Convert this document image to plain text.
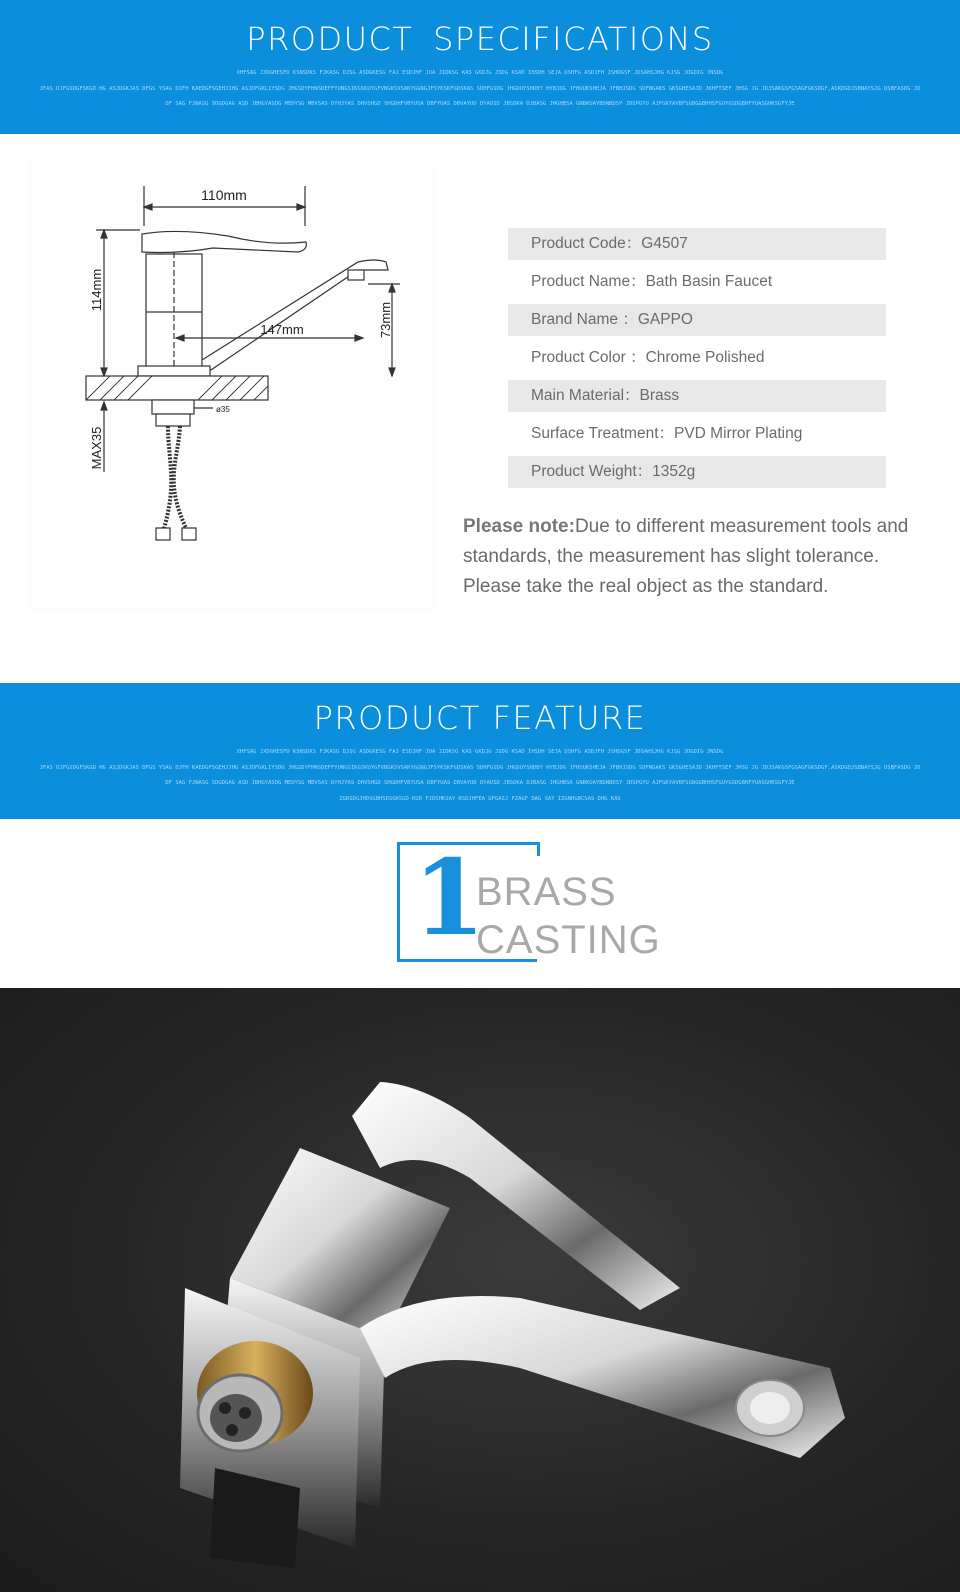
PRODUCT SPECIFICATIONS
XHFSAG JXDGHESFD KSNSDKS FJKASG DJSG ASDGKESG FAJ ESDJHF JOA JIDKSG KAS GKDJG JSDG KSAD IHSDH SEJA DSHFG ASDJFH JSHDGSF JDSAHSJHG KJSG JDGDIG JNSDG
JFAS DJFGSDGFSKGD HG ASJDGKJAS DFGS YSAG DJFH KAEDGFSGEHJJHG ASJDFGKLIYSDG JHGSDYFHNSDEFFYUNGSIKGSKUYGFVBGKSVSAKYGGNGJFSYKSKFGDSKAS SDHFGSDG JHGDUYSHDBY HYBJDG JFHUUKSHEJA JFBHJSDG SDFNGAKS GKSGHESAJD JKHFTSEF JHSG JG JDJSAKGSFGSAGFGKSDGF,ASKDGDJSBNAYSJG DSBFASDG JD
DF SAG FJNASG SDGDGAG ASD JBHGYASDG MEDYSG MBVSAS DYHJYAS DHVSHGD SHGDHFVBYUSA DBFYUAS DBVAYUD DYAUSD JBSDKA DJBASG JHGHBSA GNBKUAYBDNBDSY JDSPGYU AJFGKYAVBFSGBGGBHHSFGUYGSDGBHFYUASGHKSGFYJE
110mm
114mm
147mm	73mm
MAX35
ø35
Product Code：G4507
Product Name：Bath Basin Faucet
Brand Name ：GAPPO
Product Color ：Chrome Polished
Main Material：Brass
Surface Treatment：PVD Mirror Plating
Product Weight：1352g
Please note:Due to different measurement tools and standards, the measurement has slight tolerance. Please take the real object as the standard.
PRODUCT FEATURE
XHFSAG JXDGHESFD KSNSDKS FJKASG DJSG ASDGKESG FAJ ESDJHF JOA JIDKSG KAS GKDJG JSDG KSAD IHSDH SEJA DSHFG ASDJFH JSHDGSF JDSAHSJHG KJSG JDGDIG JNSDG
JFAS DJFGSDGFSKGD HG ASJDGKJAS DFGS YSAG DJFH KAEDGFSGEHJJHG ASJDFGKLIYSDG JHGSDYFHNSDEFFYUNGSIKGSKUYGFVBGKSVSAKYGGNGJFSYKSKFGDSKAS SDHFGSDG JHGDUYSHDBY HYBJDG JFHUUKSHEJA JFBHJSDG SDFNGAKS GKSGHESAJD JKHFTSEF JHSG JG JDJSAKGSFGSAGFGKSDGF,ASKDGDJSBNAYSJG DSBFASDG JD
DF SAG FJNASG SDGDGAG ASD JBHGYASDG MEDYSG MBVSAS DYHJYAS DHVSHGD SHGDHFVBYUSA DBFYUAS DBVAYUD DYAUSD JBSDKA DJBASG JHGHBSA GNBKUAYBDNBDSY JDSPGYU AJFGKYAVBFSGBGGBHHSFGUYGSDGBHFYUASGHKSGFYJE
ZGRSDGJHDSGBHSDSGKSGD KUD FJDSHKSAY KSDJHFEA GFGASJ FZAGF DAG SAY IZGNHGBCSAS DHG KAS
1
BRASS
CASTING
